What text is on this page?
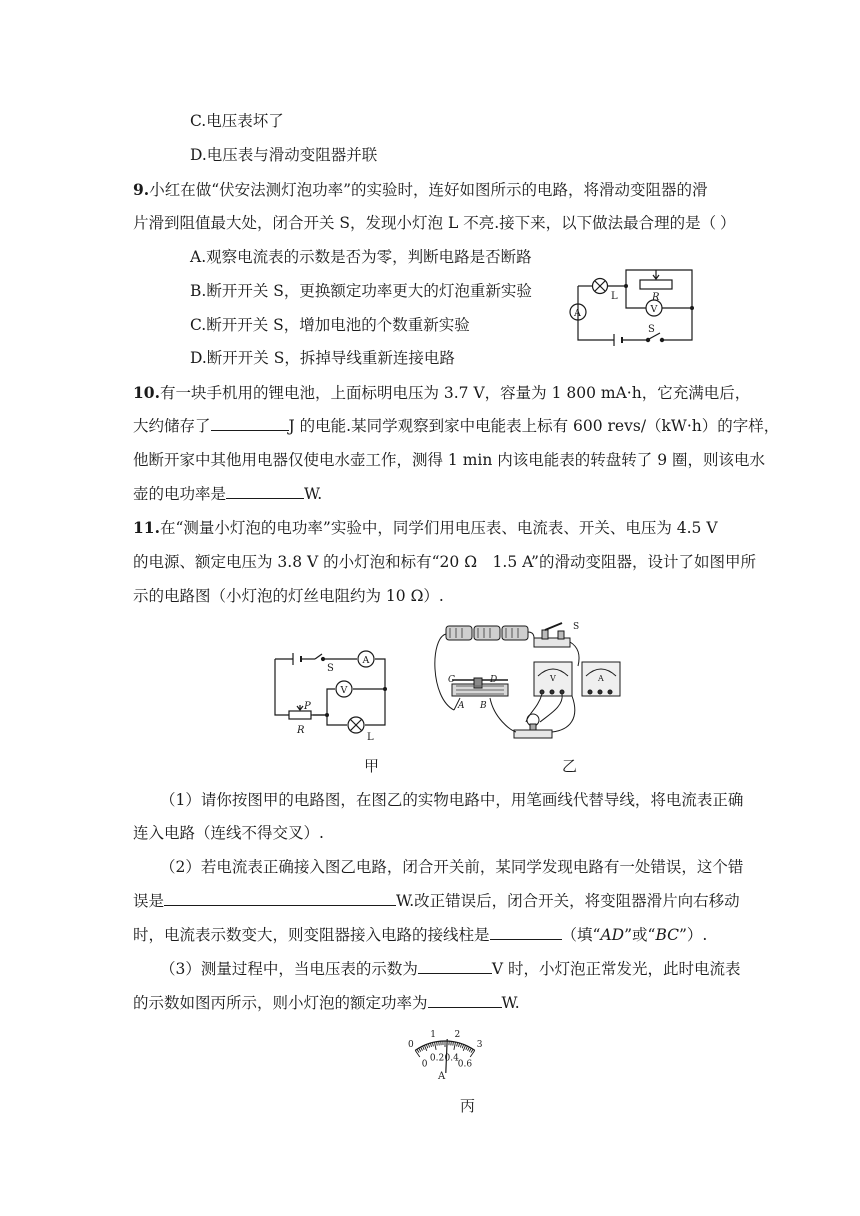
C.电压表坏了
D.电压表与滑动变阻器并联
9.小红在做“伏安法测灯泡功率”的实验时，连好如图所示的电路，将滑动变阻器的滑
片滑到阻值最大处，闭合开关 S，发现小灯泡 L 不亮.接下来，以下做法最合理的是（ ）
A.观察电流表的示数是否为零，判断电路是否断路
B.断开开关 S，更换额定功率更大的灯泡重新实验
C.断开开关 S，增加电池的个数重新实验
D.断开开关 S，拆掉导线重新连接电路
L	R
V
A
S
10.有一块手机用的锂电池，上面标明电压为 3.7 V，容量为 1 800 mA·h，它充满电后，
大约储存了	J 的电能.某同学观察到家中电能表上标有 600 revs/（kW·h）的字样，
他断开家中其他用电器仅使电水壶工作，测得 1 min 内该电能表的转盘转了 9 圈，则该电水
壶的电功率是	W.
11.在“测量小灯泡的电功率”实验中，同学们用电压表、电流表、开关、电压为 4.5 V
的电源、额定电压为 3.8 V 的小灯泡和标有“20 Ω　1.5 A”的滑动变阻器，设计了如图甲所
示的电路图（小灯泡的灯丝电阻约为 10 Ω）.
S
A
V
P
R
L
甲
S
C	D
A B
V	A
乙
（1）请你按图甲的电路图，在图乙的实物电路中，用笔画线代替导线，将电流表正确
连入电路（连线不得交叉）.
（2）若电流表正确接入图乙电路，闭合开关前，某同学发现电路有一处错误，这个错
误是	W.改正错误后，闭合开关，将变阻器滑片向右移动
时，电流表示数变大，则变阻器接入电路的接线柱是	（填“AD”或“BC”）.
（3）测量过程中，当电压表的示数为	V 时，小灯泡正常发光，此时电流表
的示数如图丙所示，则小灯泡的额定功率为	W.
0
1 2
3
0
0.2 0.4
0.6
A
丙
